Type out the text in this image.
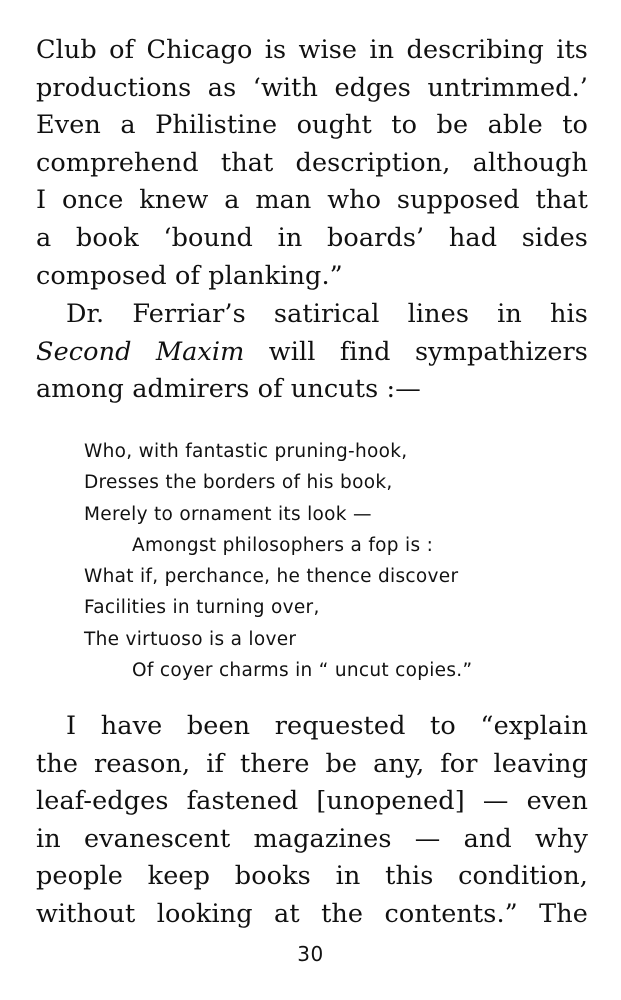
Club of Chicago is wise in describing its
productions as ‘with edges untrimmed.’
Even a Philistine ought to be able to
comprehend that description, although
I once knew a man who supposed that
a book ‘bound in boards’ had sides
composed of planking.”
Dr. Ferriar’s satirical lines in his
Second Maxim will find sympathizers
among admirers of uncuts :—
Who, with fantastic pruning-hook,
Dresses the borders of his book,
Merely to ornament its look —
Amongst philosophers a fop is :
What if, perchance, he thence discover
Facilities in turning over,
The virtuoso is a lover
Of coyer charms in “ uncut copies.”
I have been requested to “explain
the reason, if there be any, for leaving
leaf-edges fastened [unopened] — even
in evanescent magazines — and why
people keep books in this condition,
without looking at the contents.” The
30
